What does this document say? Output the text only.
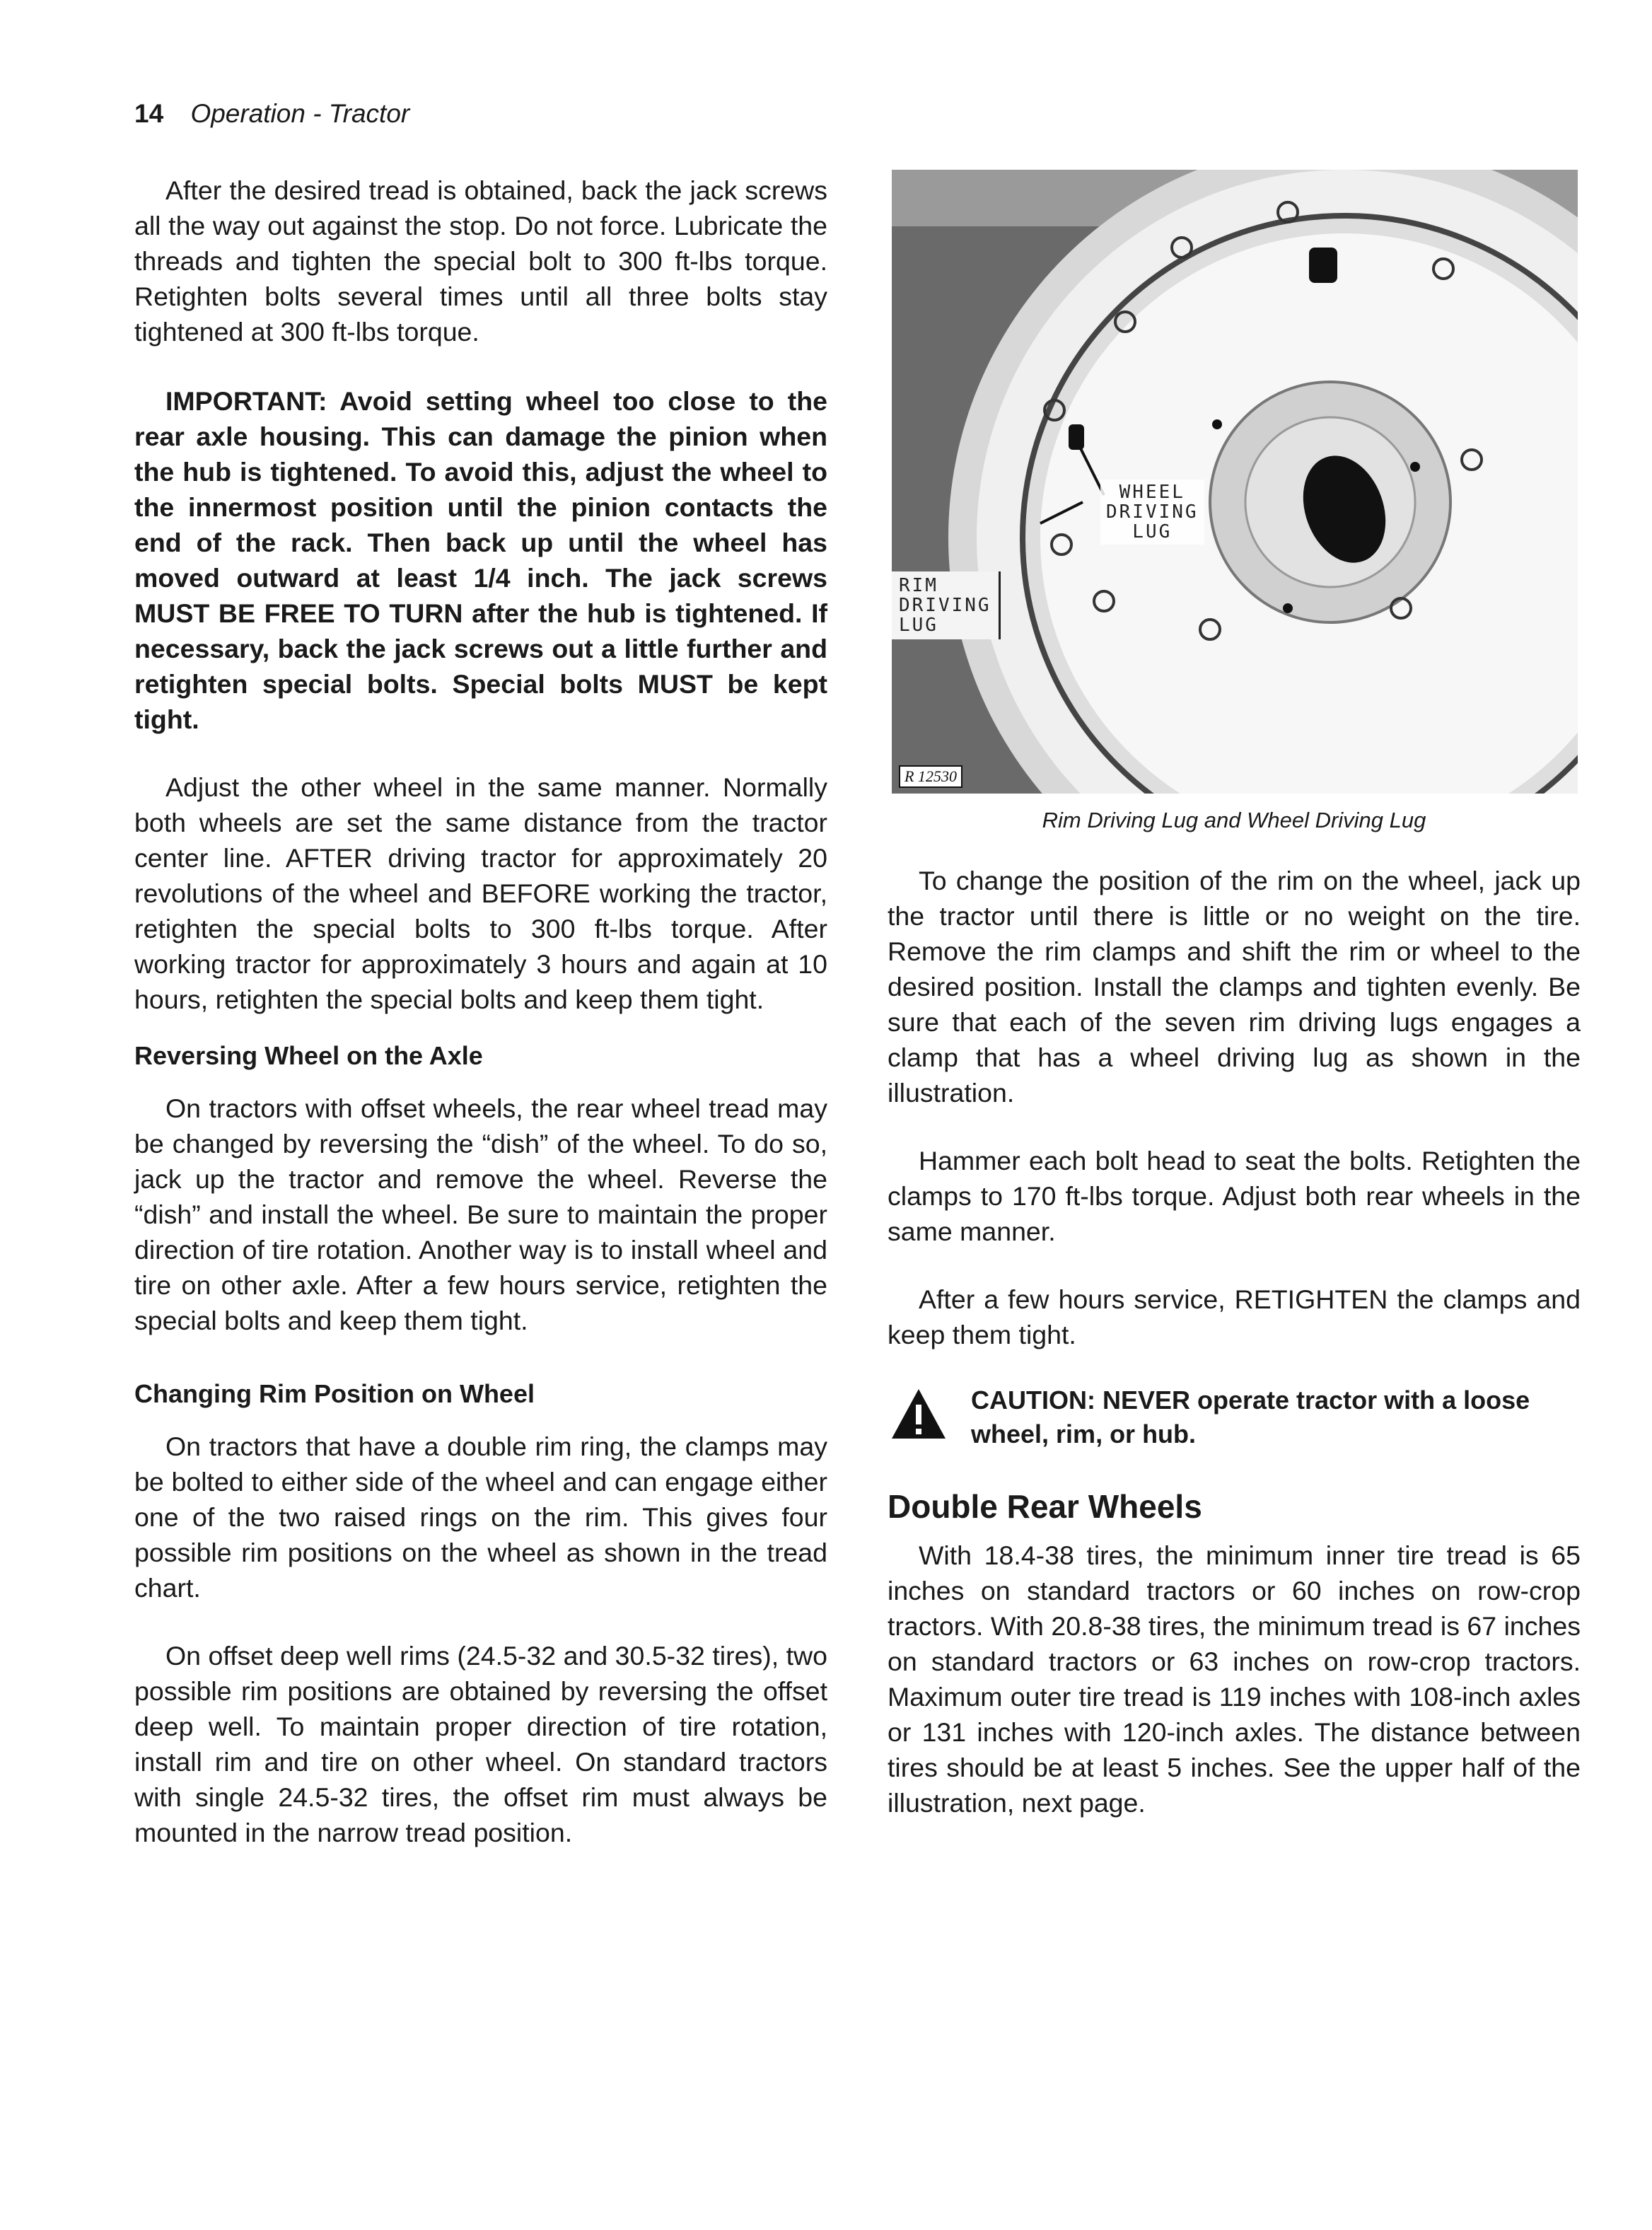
14 Operation - Tractor

After the desired tread is obtained, back the jack screws all the way out against the stop. Do not force. Lubricate the threads and tighten the special bolt to 300 ft-lbs torque. Retighten bolts several times until all three bolts stay tightened at 300 ft-lbs torque.

IMPORTANT: Avoid setting wheel too close to the rear axle housing. This can damage the pinion when the hub is tightened. To avoid this, adjust the wheel to the innermost position until the pinion contacts the end of the rack. Then back up until the wheel has moved outward at least 1/4 inch. The jack screws MUST BE FREE TO TURN after the hub is tightened. If necessary, back the jack screws out a little further and retighten special bolts. Special bolts MUST be kept tight.

Adjust the other wheel in the same manner. Normally both wheels are set the same distance from the tractor center line. AFTER driving tractor for approximately 20 revolutions of the wheel and BEFORE working the tractor, retighten the special bolts to 300 ft-lbs torque. After working tractor for approximately 3 hours and again at 10 hours, retighten the special bolts and keep them tight.

Reversing Wheel on the Axle

On tractors with offset wheels, the rear wheel tread may be changed by reversing the “dish” of the wheel. To do so, jack up the tractor and remove the wheel. Reverse the “dish” and install the wheel. Be sure to maintain the proper direction of tire rotation. Another way is to install wheel and tire on other axle. After a few hours service, retighten the special bolts and keep them tight.

Changing Rim Position on Wheel

On tractors that have a double rim ring, the clamps may be bolted to either side of the wheel and can engage either one of the two raised rings on the rim. This gives four possible rim positions on the wheel as shown in the tread chart.

On offset deep well rims (24.5-32 and 30.5-32 tires), two possible rim positions are obtained by reversing the offset deep well. To maintain proper direction of tire rotation, install rim and tire on other wheel. On standard tractors with single 24.5-32 tires, the offset rim must always be mounted in the narrow tread position.

WHEEL
DRIVING
LUG
RIM
DRIVING
LUG
R 12530
Rim Driving Lug and Wheel Driving Lug

To change the position of the rim on the wheel, jack up the tractor until there is little or no weight on the tire. Remove the rim clamps and shift the rim or wheel to the desired position. Install the clamps and tighten evenly. Be sure that each of the seven rim driving lugs engages a clamp that has a wheel driving lug as shown in the illustration.

Hammer each bolt head to seat the bolts. Retighten the clamps to 170 ft-lbs torque. Adjust both rear wheels in the same manner.

After a few hours service, RETIGHTEN the clamps and keep them tight.

CAUTION: NEVER operate tractor with a loose wheel, rim, or hub.

Double Rear Wheels

With 18.4-38 tires, the minimum inner tire tread is 65 inches on standard tractors or 60 inches on row-crop tractors. With 20.8-38 tires, the minimum tread is 67 inches on standard tractors or 63 inches on row-crop tractors. Maximum outer tire tread is 119 inches with 108-inch axles or 131 inches with 120-inch axles. The distance between tires should be at least 5 inches. See the upper half of the illustration, next page.
